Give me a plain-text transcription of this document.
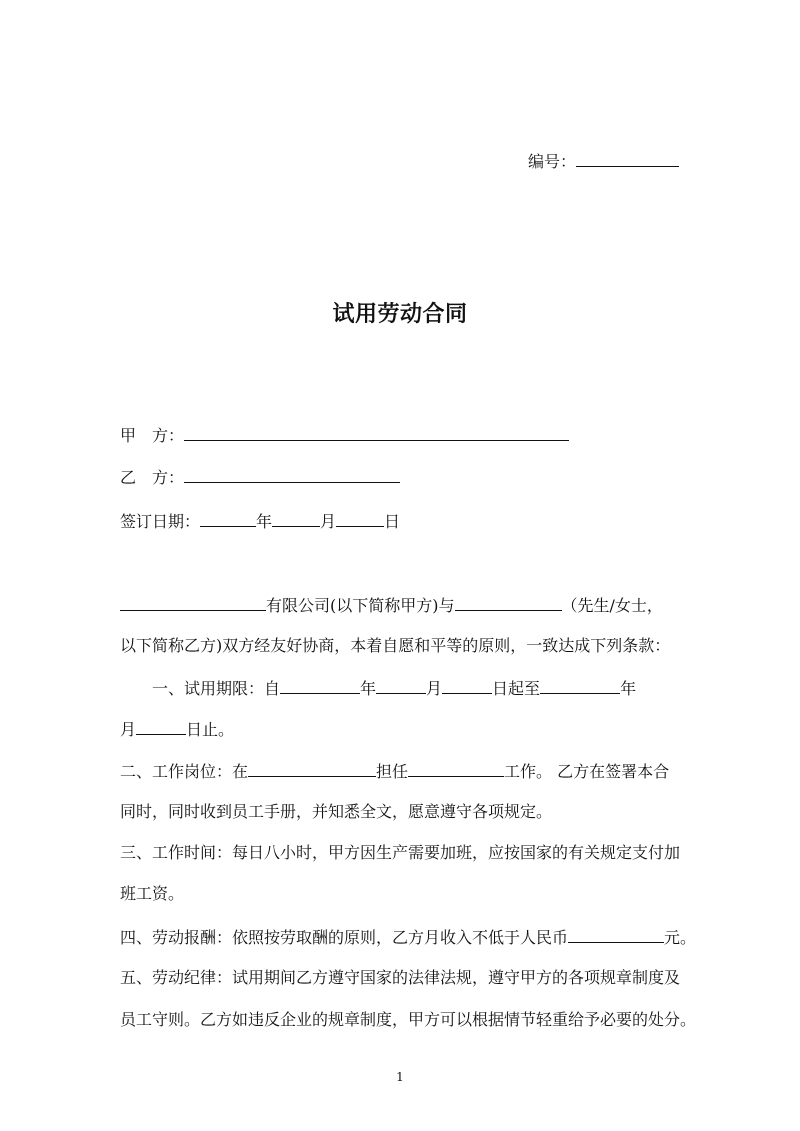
编号：
试用劳动合同
甲　方：
乙　方：
签订日期：	年	月	日
有限公司(以下简称甲方)与	（先生/女士，
以下简称乙方)双方经友好协商，本着自愿和平等的原则，一致达成下列条款：
一、试用期限：自	年	月	日起至	年
月	日止。
二、工作岗位：在	担任	工作。 乙方在签署本合
同时，同时收到员工手册，并知悉全文，愿意遵守各项规定。
三、工作时间：每日八小时，甲方因生产需要加班，应按国家的有关规定支付加
班工资。
四、劳动报酬：依照按劳取酬的原则，乙方月收入不低于人民币	元。
五、劳动纪律：试用期间乙方遵守国家的法律法规，遵守甲方的各项规章制度及
员工守则。乙方如违反企业的规章制度，甲方可以根据情节轻重给予必要的处分。
1
